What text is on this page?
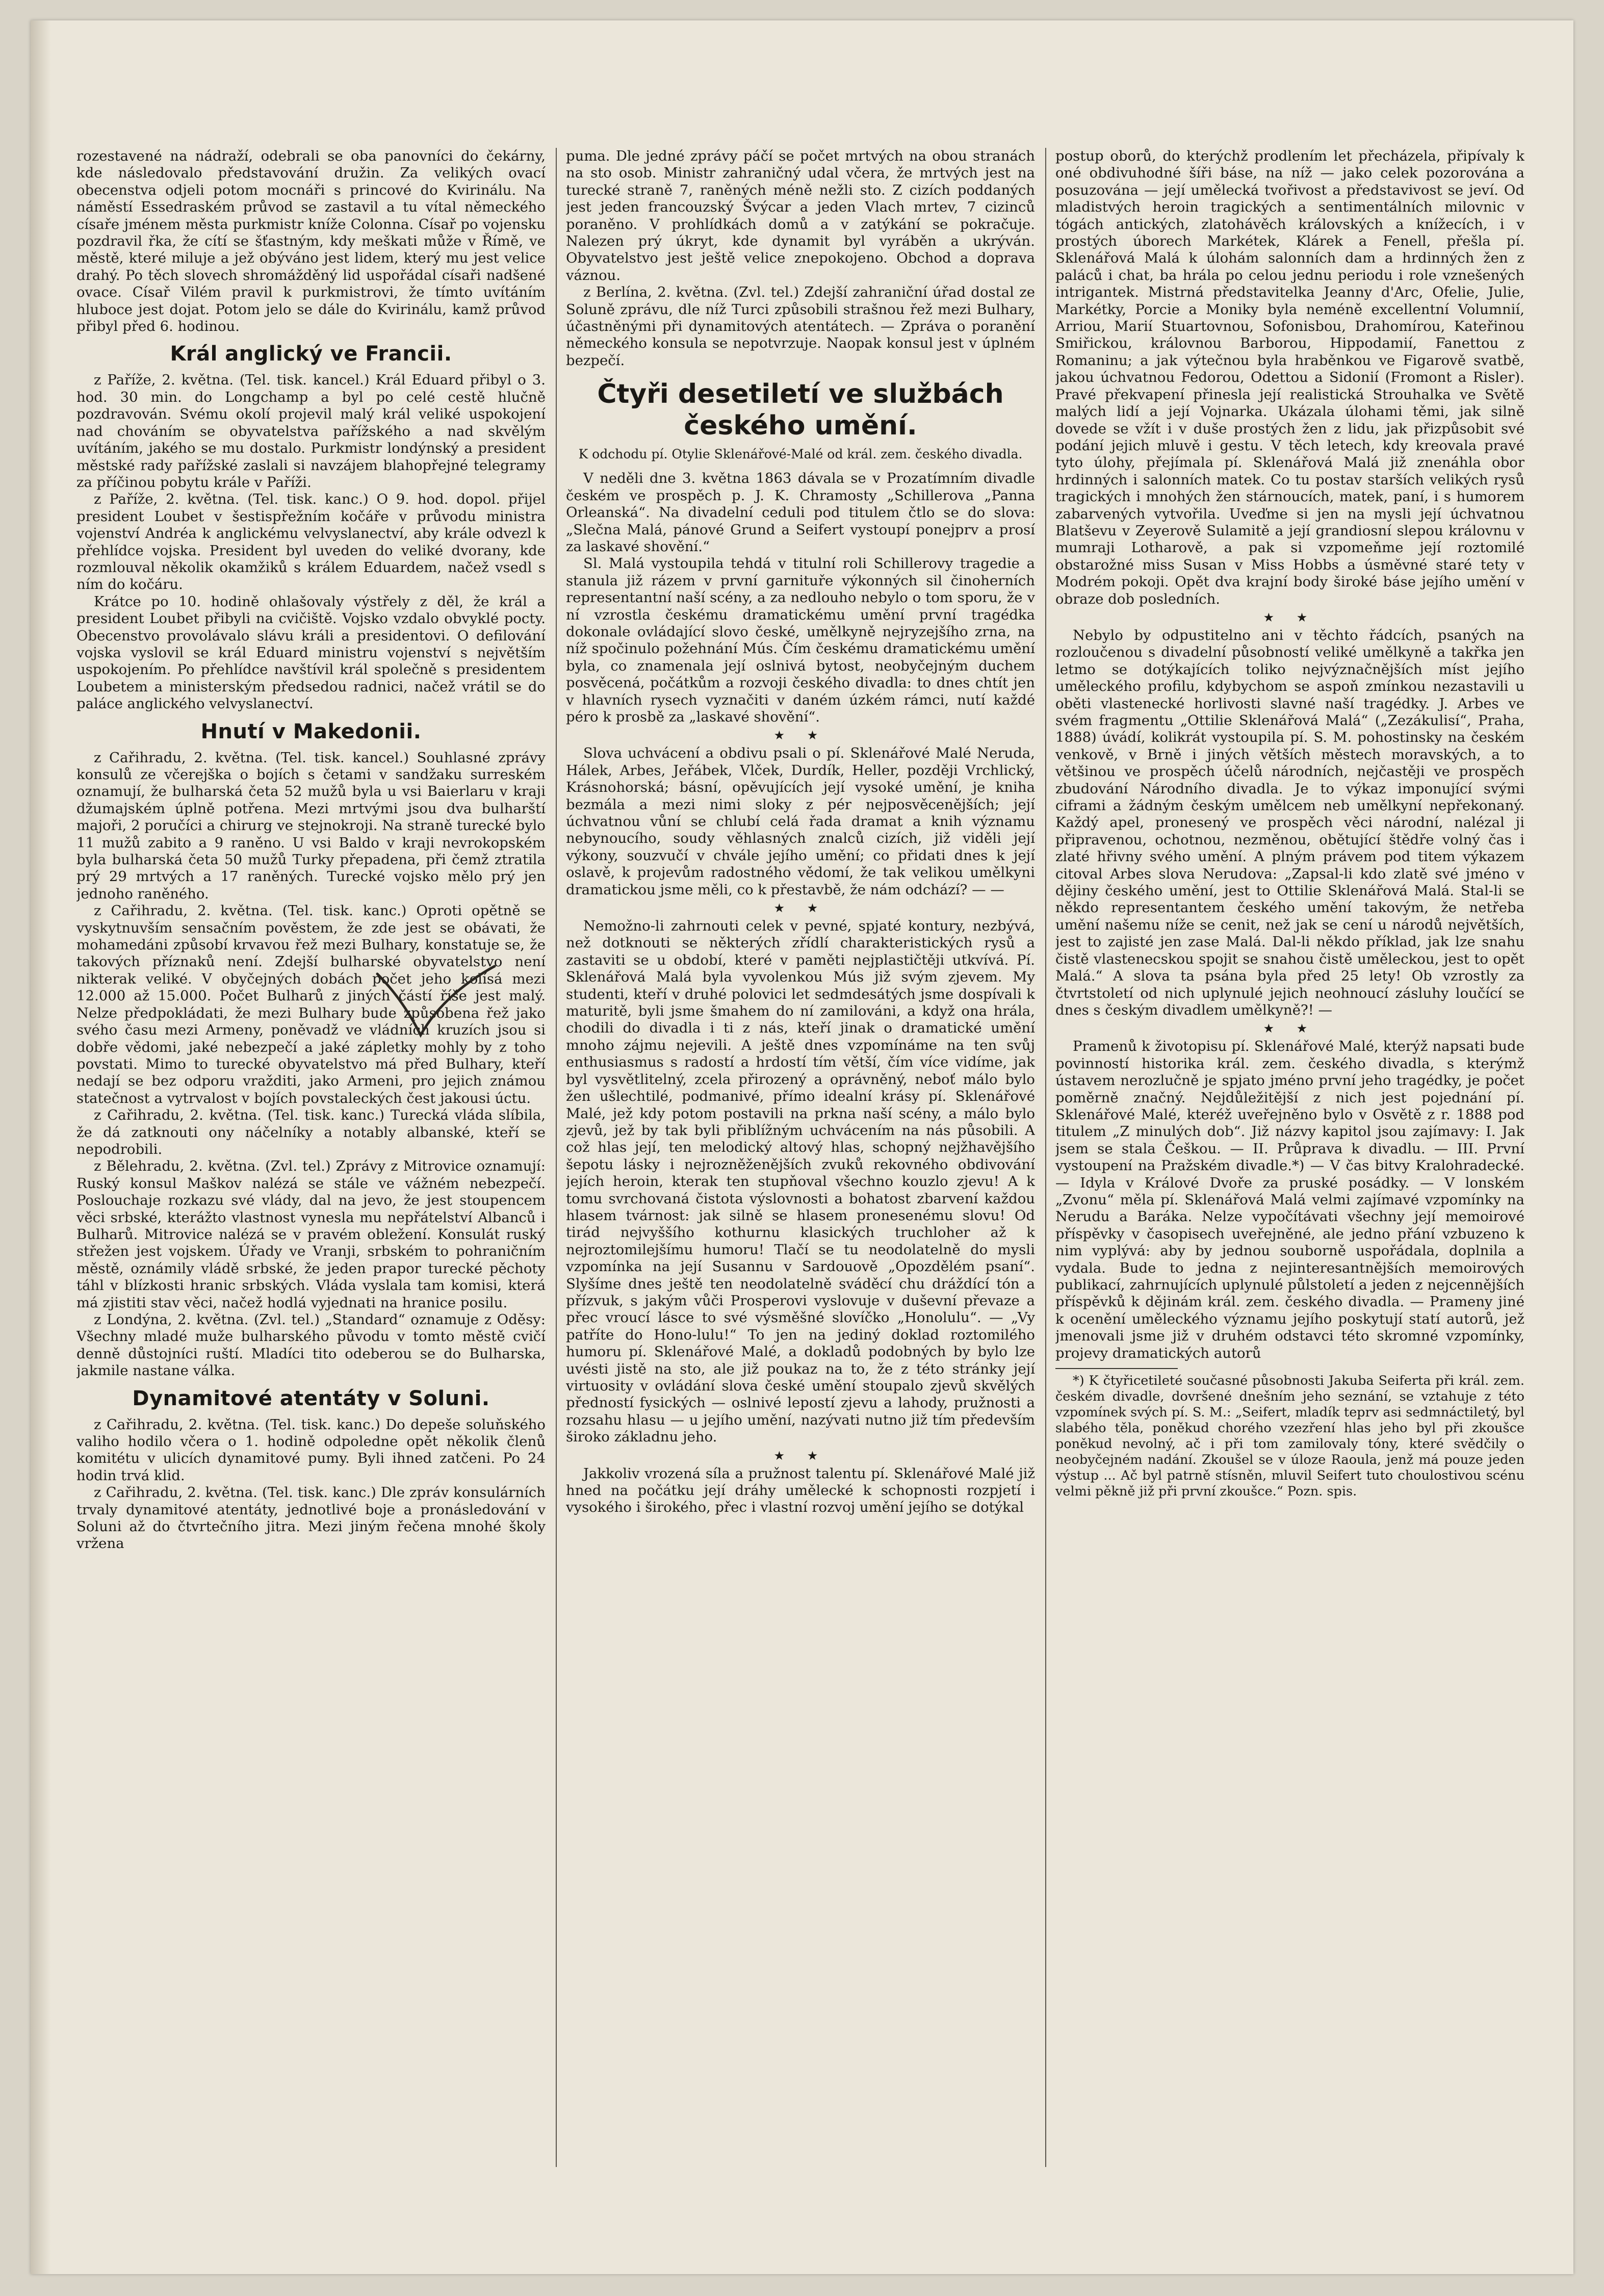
rozestavené na nádraží, odebrali se oba panovníci do čekárny, kde následovalo představování družin. Za velikých ovací obecenstva odjeli potom mocnáři s princové do Kvirinálu. Na náměstí Essedraském průvod se zastavil a tu vítal německého císaře jménem města purkmistr kníže Colonna. Císař po vojensku pozdravil řka, že cítí se šťastným, kdy meškati může v Římě, ve městě, které miluje a jež obýváno jest lidem, který mu jest velice drahý. Po těch slovech shromážděný lid uspořádal císaři nadšené ovace. Císař Vilém pravil k purkmistrovi, že tímto uvítáním hluboce jest dojat. Potom jelo se dále do Kvirinálu, kamž průvod přibyl před 6. hodinou.

Král anglický ve Francii.

z Paříže, 2. května. (Tel. tisk. kancel.) Král Eduard přibyl o 3. hod. 30 min. do Longchamp a byl po celé cestě hlučně pozdravován. Svému okolí projevil malý král veliké uspokojení nad chováním se obyvatelstva pařížského a nad skvělým uvítáním, jakého se mu dostalo. Purkmistr londýnský a president městské rady pařížské zaslali si navzájem blahopřejné telegramy za příčinou pobytu krále v Paříži.

z Paříže, 2. května. (Tel. tisk. kanc.) O 9. hod. dopol. přijel president Loubet v šestispřežním kočáře v průvodu ministra vojenství Andréa k anglickému velvyslanectví, aby krále odvezl k přehlídce vojska. President byl uveden do veliké dvorany, kde rozmlouval několik okamžiků s králem Eduardem, načež vsedl s ním do kočáru.

Krátce po 10. hodině ohlašovaly výstřely z děl, že král a president Loubet přibyli na cvičiště. Vojsko vzdalo obvyklé pocty. Obecenstvo provolávalo slávu králi a presidentovi. O defilování vojska vyslovil se král Eduard ministru vojenství s největším uspokojením. Po přehlídce navštívil král společně s presidentem Loubetem a ministerským předsedou radnici, načež vrátil se do paláce anglického velvyslanectví.

Hnutí v Makedonii.

z Cařihradu, 2. května. (Tel. tisk. kancel.) Souhlasné zprávy konsulů ze včerejška o bojích s četami v sandžaku surreském oznamují, že bulharská četa 52 mužů byla u vsi Baierlaru v kraji džumajském úplně potřena. Mezi mrtvými jsou dva bulharští majoři, 2 poručíci a chirurg ve stejnokroji. Na straně turecké bylo 11 mužů zabito a 9 raněno. U vsi Baldo v kraji nevrokopském byla bulharská četa 50 mužů Turky přepadena, při čemž ztratila prý 29 mrtvých a 17 raněných. Turecké vojsko mělo prý jen jednoho raněného.

z Cařihradu, 2. května. (Tel. tisk. kanc.) Oproti opětně se vyskytnuvším sensačním pověstem, že zde jest se obávati, že mohamedáni způsobí krvavou řež mezi Bulhary, konstatuje se, že takových příznaků není. Zdejší bulharské obyvatelstvo není nikterak veliké. V obyčejných dobách počet jeho kolísá mezi 12.000 až 15.000. Počet Bulharů z jiných částí říše jest malý. Nelze předpokládati, že mezi Bulhary bude způsobena řež jako svého času mezi Armeny, poněvadž ve vládních kruzích jsou si dobře vědomi, jaké nebezpečí a jaké zápletky mohly by z toho povstati. Mimo to turecké obyvatelstvo má před Bulhary, kteří nedají se bez odporu vražditi, jako Armeni, pro jejich známou statečnost a vytrvalost v bojích povstaleckých čest jakousi úctu.

z Cařihradu, 2. května. (Tel. tisk. kanc.) Turecká vláda slíbila, že dá zatknouti ony náčelníky a notably albanské, kteří se nepodrobili.

z Bělehradu, 2. května. (Zvl. tel.) Zprávy z Mitrovice oznamují: Ruský konsul Maškov nalézá se stále ve vážném nebezpečí. Poslouchaje rozkazu své vlády, dal na jevo, že jest stoupencem věci srbské, kterážto vlastnost vynesla mu nepřátelství Albanců i Bulharů. Mitrovice nalézá se v pravém obležení. Konsulát ruský střežen jest vojskem. Úřady ve Vranji, srbském to pohraničním městě, oznámily vládě srbské, že jeden prapor turecké pěchoty táhl v blízkosti hranic srbských. Vláda vyslala tam komisi, která má zjistiti stav věci, načež hodlá vyjednati na hranice posilu.

z Londýna, 2. května. (Zvl. tel.) „Standard“ oznamuje z Oděsy: Všechny mladé muže bulharského původu v tomto městě cvičí denně důstojníci ruští. Mladíci tito odeberou se do Bulharska, jakmile nastane válka.

Dynamitové atentáty v Soluni.

z Cařihradu, 2. května. (Tel. tisk. kanc.) Do depeše soluňského valiho hodilo včera o 1. hodině odpoledne opět několik členů komitétu v ulicích dynamitové pumy. Byli ihned zatčeni. Po 24 hodin trvá klid.

z Cařihradu, 2. května. (Tel. tisk. kanc.) Dle zpráv konsulárních trvaly dynamitové atentáty, jednotlivé boje a pronásledování v Soluni až do čtvrtečního jitra. Mezi jiným řečena mnohé školy vržena

puma. Dle jedné zprávy páčí se počet mrtvých na obou stranách na sto osob. Ministr zahraničný udal včera, že mrtvých jest na turecké straně 7, raněných méně nežli sto. Z cizích poddaných jest jeden francouzský Švýcar a jeden Vlach mrtev, 7 cizinců poraněno. V prohlídkách domů a v zatýkání se pokračuje. Nalezen prý úkryt, kde dynamit byl vyráběn a ukrýván. Obyvatelstvo jest ještě velice znepokojeno. Obchod a doprava váznou.

z Berlína, 2. května. (Zvl. tel.) Zdejší zahraniční úřad dostal ze Soluně zprávu, dle níž Turci způsobili strašnou řež mezi Bulhary, účastněnými při dynamitových atentátech. — Zpráva o poranění německého konsula se nepotvrzuje. Naopak konsul jest v úplném bezpečí.

Čtyři desetiletí ve službách českého umění.
K odchodu pí. Otylie Sklenářové-Malé od král. zem. českého divadla.

V neděli dne 3. května 1863 dávala se v Prozatímním divadle českém ve prospěch p. J. K. Chramosty „Schillerova „Panna Orleanská“. Na divadelní ceduli pod titulem čtlo se do slova: „Slečna Malá, pánové Grund a Seifert vystoupí ponejprv a prosí za laskavé shovění.“

Sl. Malá vystoupila tehdá v titulní roli Schillerovy tragedie a stanula již rázem v první garnituře výkonných sil činoherních representantní naší scény, a za nedlouho nebylo o tom sporu, že v ní vzrostla českému dramatickému umění první tragédka dokonale ovládající slovo české, umělkyně nejryzejšího zrna, na níž spočinulo požehnání Mús. Čím českému dramatickému umění byla, co znamenala její oslnivá bytost, neobyčejným duchem posvěcená, počátkům a rozvoji českého divadla: to dnes chtít jen v hlavních rysech vyznačiti v daném úzkém rámci, nutí každé péro k prosbě za „laskavé shovění“.

★ ★

Slova uchvácení a obdivu psali o pí. Sklenářové Malé Neruda, Hálek, Arbes, Jeřábek, Vlček, Durdík, Heller, později Vrchlický, Krásnohorská; básní, opěvujících její vysoké umění, je kniha bezmála a mezi nimi sloky z pér nejposvěcenějších; její úchvatnou vůní se chlubí celá řada dramat a knih významu nebynoucího, soudy věhlasných znalců cizích, již viděli její výkony, souzvučí v chvále jejího umění; co přidati dnes k její oslavě, k projevům radostného vědomí, že tak velikou umělkyni dramatickou jsme měli, co k přestavbě, že nám odchází? — —

★ ★

Nemožno-li zahrnouti celek v pevné, spjaté kontury, nezbývá, než dotknouti se některých zřídlí charakteristických rysů a zastaviti se u období, které v paměti nejplastičtěji utkvívá. Pí. Sklenářová Malá byla vyvolenkou Mús již svým zjevem. My studenti, kteří v druhé polovici let sedmdesátých jsme dospívali k maturitě, byli jsme šmahem do ní zamilováni, a když ona hrála, chodili do divadla i ti z nás, kteří jinak o dramatické umění mnoho zájmu nejevili. A ještě dnes vzpomínáme na ten svůj enthusiasmus s radostí a hrdostí tím větší, čím více vidíme, jak byl vysvětlitelný, zcela přirozený a oprávněný, neboť málo bylo žen ušlechtilé, podmanivé, přímo idealní krásy pí. Sklenářové Malé, jež kdy potom postavili na prkna naší scény, a málo bylo zjevů, jež by tak byli přiblížným uchvácením na nás působili. A což hlas její, ten melodický altový hlas, schopný nejžhavějšího šepotu lásky i nejrozněženějších zvuků rekovného obdivování jejích heroin, kterak ten stupňoval všechno kouzlo zjevu! A k tomu svrchovaná čistota výslovnosti a bohatost zbarvení každou hlasem tvárnost: jak silně se hlasem pronesenému slovu! Od tirád nejvyššího kothurnu klasických truchloher až k nejroztomilejšímu humoru! Tlačí se tu neodolatelně do mysli vzpomínka na její Susannu v Sardouově „Opozdělém psaní“. Slyšíme dnes ještě ten neodolatelně sváděcí chu dráždící tón a přízvuk, s jakým vůči Prosperovi vyslovuje v duševní převaze a přec vroucí lásce to své výsměšné slovíčko „Honolulu“. — „Vy patříte do Hono-lulu!“ To jen na jediný doklad roztomilého humoru pí. Sklenářové Malé, a dokladů podobných by bylo lze uvésti jistě na sto, ale již poukaz na to, že z této stránky její virtuosity v ovládání slova české umění stoupalo zjevů skvělých předností fysických — oslnivé lepostí zjevu a lahody, pružnosti a rozsahu hlasu — u jejího umění, nazývati nutno již tím především široko základnu jeho.

★ ★

Jakkoliv vrozená síla a pružnost talentu pí. Sklenářové Malé již hned na počátku její dráhy umělecké k schopnosti rozpjetí i vysokého i širokého, přec i vlastní rozvoj umění jejího se dotýkal

postup oborů, do kterýchž prodlením let přecházela, připívaly k oné obdivuhodné šíři báse, na níž — jako celek pozorována a posuzována — její umělecká tvořivost a představivost se jeví. Od mladistvých heroin tragických a sentimentálních milovnic v tógách antických, zlatohávěch královských a knížecích, i v prostých úborech Markétek, Klárek a Fenell, přešla pí. Sklenářová Malá k úlohám salonních dam a hrdinných žen z paláců i chat, ba hrála po celou jednu periodu i role vznešených intrigantek. Mistrná představitelka Jeanny d'Arc, Ofelie, Julie, Markétky, Porcie a Moniky byla neméně excellentní Volumnií, Arriou, Marií Stuartovnou, Sofonisbou, Drahomírou, Kateřinou Smiřickou, královnou Barborou, Hippodamií, Fanettou z Romaninu; a jak výtečnou byla hraběnkou ve Figarově svatbě, jakou úchvatnou Fedorou, Odettou a Sidonií (Fromont a Risler). Pravé překvapení přinesla její realistická Strouhalka ve Světě malých lidí a její Vojnarka. Ukázala úlohami těmi, jak silně dovede se vžít i v duše prostých žen z lidu, jak přizpůsobit své podání jejich mluvě i gestu. V těch letech, kdy kreovala pravé tyto úlohy, přejímala pí. Sklenářová Malá již znenáhla obor hrdinných i salonních matek. Co tu postav starších velikých rysů tragických i mnohých žen stárnoucích, matek, paní, i s humorem zabarvených vytvořila. Uveďme si jen na mysli její úchvatnou Blatševu v Zeyerově Sulamitě a její grandiosní slepou královnu v mumraji Lotharově, a pak si vzpomeňme její roztomilé obstarožné miss Susan v Miss Hobbs a úsměvné staré tety v Modrém pokoji. Opět dva krajní body široké báse jejího umění v obraze dob posledních.

★ ★

Nebylo by odpustitelno ani v těchto řádcích, psaných na rozloučenou s divadelní působností veliké umělkyně a takřka jen letmo se dotýkajících toliko nejvýznačnějších míst jejího uměleckého profilu, kdybychom se aspoň zmínkou nezastavili u oběti vlastenecké horlivosti slavné naší tragédky. J. Arbes ve svém fragmentu „Ottilie Sklenářová Malá“ („Zezákulisí“, Praha, 1888) úvádí, kolikrát vystoupila pí. S. M. pohostinsky na českém venkově, v Brně i jiných větších městech moravských, a to většinou ve prospěch účelů národních, nejčastěji ve prospěch zbudování Národního divadla. Je to výkaz imponující svými ciframi a žádným českým umělcem neb umělkyní nepřekonaný. Každý apel, pronesený ve prospěch věci národní, nalézal ji připravenou, ochotnou, nezměnou, obětující štědře volný čas i zlaté hřivny svého umění. A plným právem pod titem výkazem citoval Arbes slova Nerudova: „Zapsal-li kdo zlatě své jméno v dějiny českého umění, jest to Ottilie Sklenářová Malá. Stal-li se někdo representantem českého umění takovým, že netřeba umění našemu níže se cenit, než jak se cení u národů největších, jest to zajisté jen zase Malá. Dal-li někdo příklad, jak lze snahu čistě vlastenecskou spojit se snahou čistě uměleckou, jest to opět Malá.“ A slova ta psána byla před 25 lety! Ob vzrostly za čtvrtstoletí od nich uplynulé jejich neohnoucí zásluhy loučící se dnes s českým divadlem umělkyně?! —

★ ★

Pramenů k životopisu pí. Sklenářové Malé, kterýž napsati bude povinností historika král. zem. českého divadla, s kterýmž ústavem nerozlučně je spjato jméno první jeho tragédky, je počet poměrně značný. Nejdůležitější z nich jest pojednání pí. Sklenářové Malé, kteréž uveřejněno bylo v Osvětě z r. 1888 pod titulem „Z minulých dob“. Již názvy kapitol jsou zajímavy: I. Jak jsem se stala Češkou. — II. Průprava k divadlu. — III. První vystoupení na Pražském divadle.*) — V čas bitvy Kralohradecké. — Idyla v Králové Dvoře za pruské posádky. — V lonském „Zvonu“ měla pí. Sklenářová Malá velmi zajímavé vzpomínky na Nerudu a Baráka. Nelze vypočítávati všechny její memoirové příspěvky v časopisech uveřejněné, ale jedno přání vzbuzeno k nim vyplývá: aby by jednou souborně uspořádala, doplnila a vydala. Bude to jedna z nejinteresantnějších memoirových publikací, zahrnujících uplynulé půlstoletí a jeden z nejcennějších příspěvků k dějinám král. zem. českého divadla. — Prameny jiné k ocenění uměleckého významu jejího poskytují statí autorů, jež jmenovali jsme již v druhém odstavci této skromné vzpomínky, projevy dramatických autorů

*) K čtyřicetileté současné působnosti Jakuba Seiferta při král. zem. českém divadle, dovršené dnešním jeho seznání, se vztahuje z této vzpomínek svých pí. S. M.: „Seifert, mladík teprv asi sedmnáctiletý, byl slabého těla, poněkud chorého vzezření hlas jeho byl při zkoušce poněkud nevolný, ač i při tom zamilovaly tóny, které svědčily o neobyčejném nadání. Zkoušel se v úloze Raoula, jenž má pouze jeden výstup ... Ač byl patrně stísněn, mluvil Seifert tuto choulostivou scénu velmi pěkně již při první zkoušce.“ Pozn. spis.
